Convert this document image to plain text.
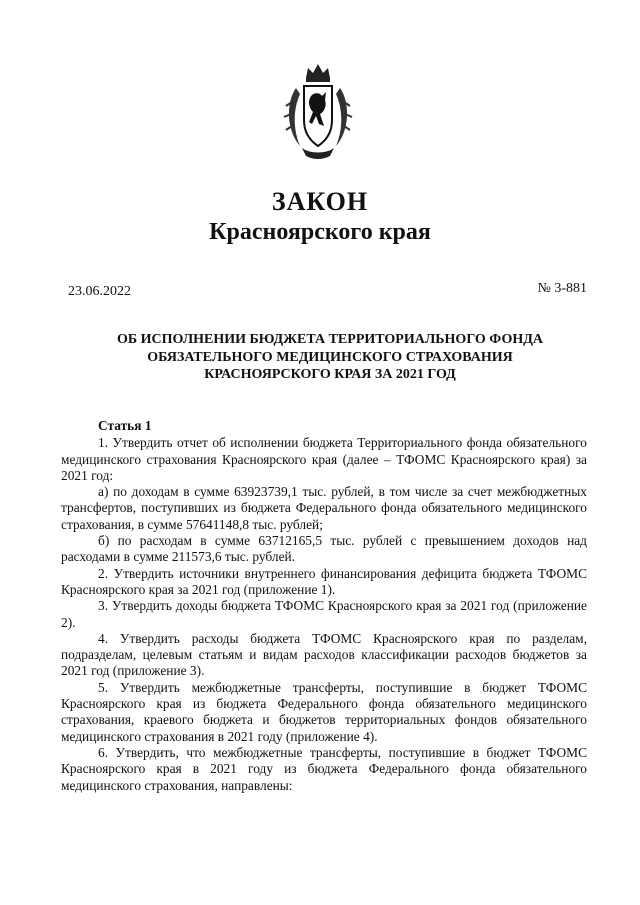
ЗАКОН
Красноярского края
23.06.2022	№ 3-881
ОБ ИСПОЛНЕНИИ БЮДЖЕТА ТЕРРИТОРИАЛЬНОГО ФОНДА
ОБЯЗАТЕЛЬНОГО МЕДИЦИНСКОГО СТРАХОВАНИЯ
КРАСНОЯРСКОГО КРАЯ ЗА 2021 ГОД
Статья 1

1. Утвердить отчет об исполнении бюджета Территориального фонда обязательного медицинского страхования Красноярского края (далее – ТФОМС Красноярского края) за 2021 год:

а) по доходам в сумме 63923739,1 тыс. рублей, в том числе за счет межбюджетных трансфертов, поступивших из бюджета Федерального фонда обязательного медицинского страхования, в сумме 57641148,8 тыс. рублей;

б) по расходам в сумме 63712165,5 тыс. рублей с превышением доходов над расходами в сумме 211573,6 тыс. рублей.

2. Утвердить источники внутреннего финансирования дефицита бюджета ТФОМС Красноярского края за 2021 год (приложение 1).

3. Утвердить доходы бюджета ТФОМС Красноярского края за 2021 год (приложение 2).

4. Утвердить расходы бюджета ТФОМС Красноярского края по разделам, подразделам, целевым статьям и видам расходов классификации расходов бюджетов за 2021 год (приложение 3).

5. Утвердить межбюджетные трансферты, поступившие в бюджет ТФОМС Красноярского края из бюджета Федерального фонда обязательного медицинского страхования, краевого бюджета и бюджетов территориальных фондов обязательного медицинского страхования в 2021 году (приложение 4).

6. Утвердить, что межбюджетные трансферты, поступившие в бюджет ТФОМС Красноярского края в 2021 году из бюджета Федерального фонда обязательного медицинского страхования, направлены:
